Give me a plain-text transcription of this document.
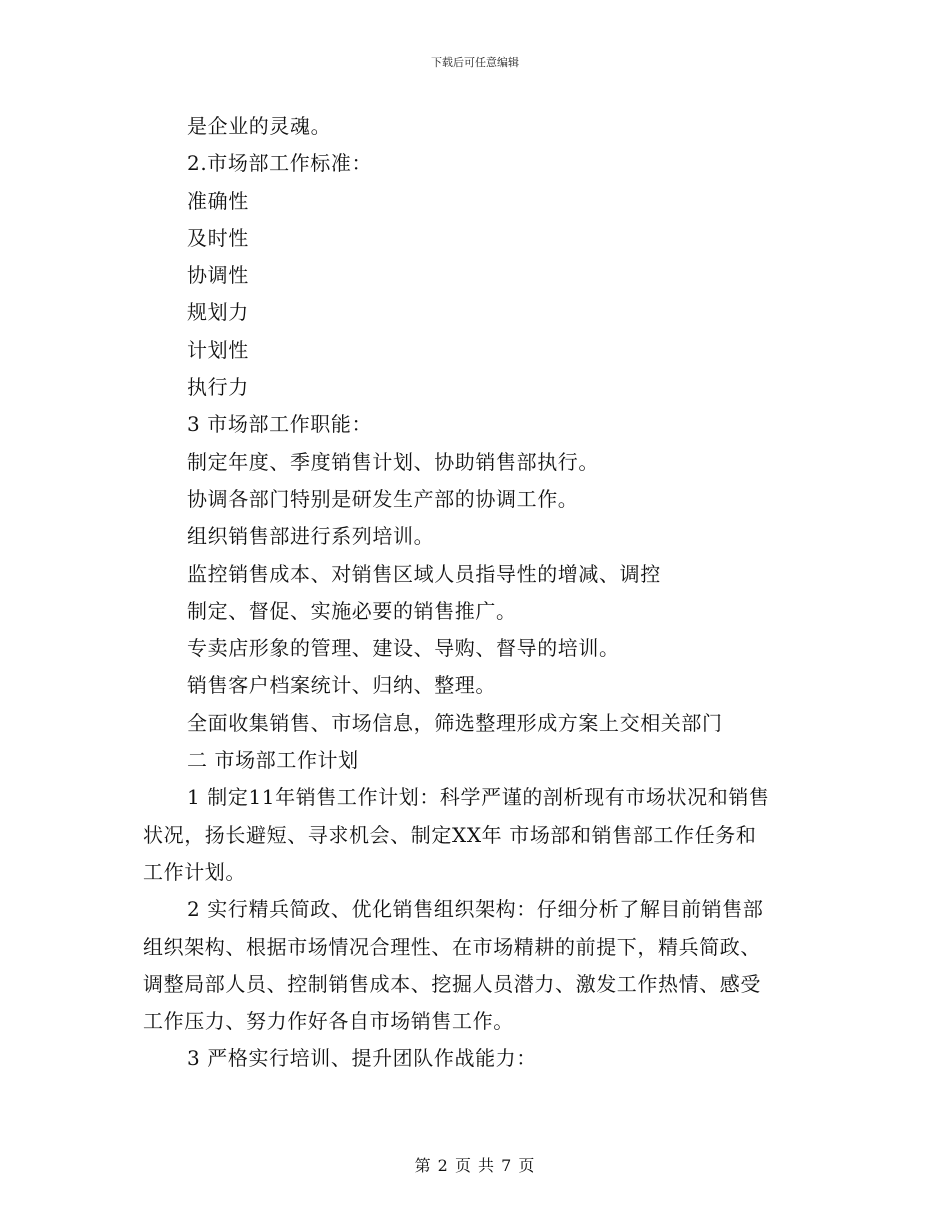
下载后可任意编辑
是企业的灵魂。
2.市场部工作标准：
准确性
及时性
协调性
规划力
计划性
执行力
3 市场部工作职能：
制定年度、季度销售计划、协助销售部执行。
协调各部门特别是研发生产部的协调工作。
组织销售部进行系列培训。
监控销售成本、对销售区域人员指导性的增减、调控
制定、督促、实施必要的销售推广。
专卖店形象的管理、建设、导购、督导的培训。
销售客户档案统计、归纳、整理。
全面收集销售、市场信息，筛选整理形成方案上交相关部门
二 市场部工作计划
1 制定11年销售工作计划：科学严谨的剖析现有市场状况和销售
状况，扬长避短、寻求机会、制定XX年 市场部和销售部工作任务和
工作计划。
2 实行精兵简政、优化销售组织架构：仔细分析了解目前销售部
组织架构、根据市场情况合理性、在市场精耕的前提下，精兵简政、
调整局部人员、控制销售成本、挖掘人员潜力、激发工作热情、感受
工作压力、努力作好各自市场销售工作。
3 严格实行培训、提升团队作战能力：
第 2 页 共 7 页
